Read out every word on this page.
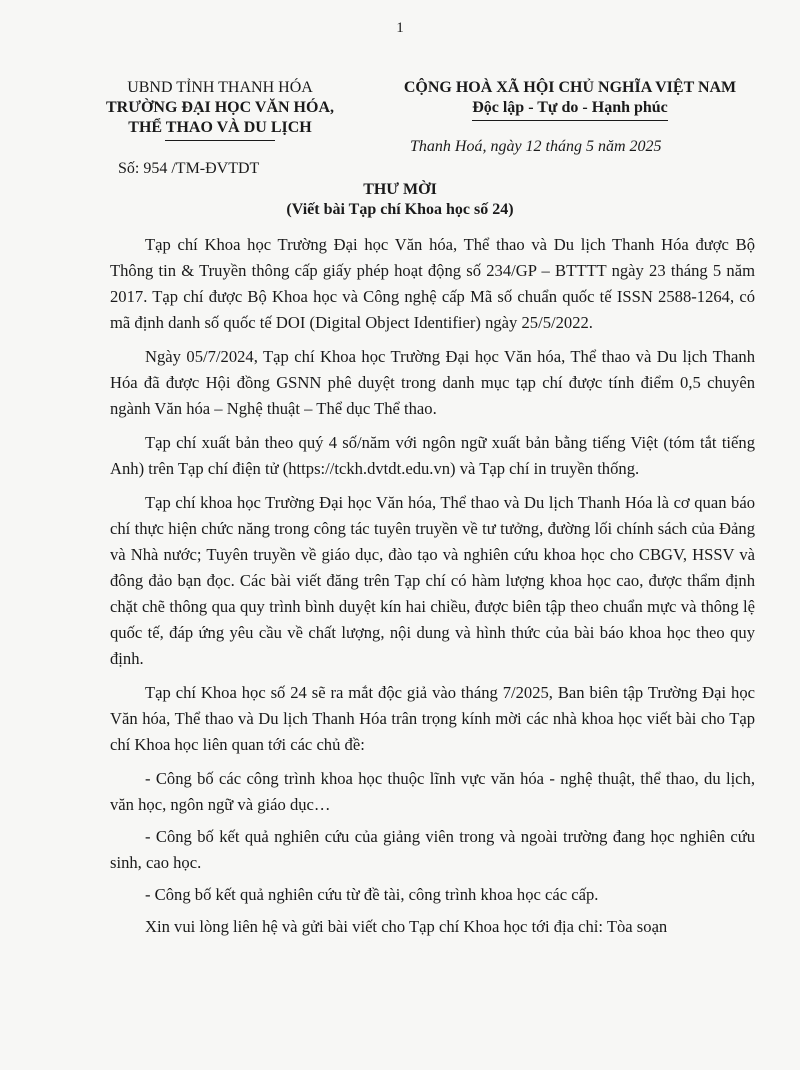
1
UBND TỈNH THANH HÓA
TRƯỜNG ĐẠI HỌC VĂN HÓA,
THỂ THAO VÀ DU LỊCH
Số: 954 /TM-ĐVTDT
CỘNG HOÀ XÃ HỘI CHỦ NGHĨA VIỆT NAM
Độc lập - Tự do - Hạnh phúc
Thanh Hoá, ngày 12 tháng 5 năm 2025
THƯ MỜI
(Viết bài Tạp chí Khoa học số 24)

Tạp chí Khoa học Trường Đại học Văn hóa, Thể thao và Du lịch Thanh Hóa được Bộ Thông tin & Truyền thông cấp giấy phép hoạt động số 234/GP – BTTTT ngày 23 tháng 5 năm 2017. Tạp chí được Bộ Khoa học và Công nghệ cấp Mã số chuẩn quốc tế ISSN 2588-1264, có mã định danh số quốc tế DOI (Digital Object Identifier) ngày 25/5/2022.

Ngày 05/7/2024, Tạp chí Khoa học Trường Đại học Văn hóa, Thể thao và Du lịch Thanh Hóa đã được Hội đồng GSNN phê duyệt trong danh mục tạp chí được tính điểm 0,5 chuyên ngành Văn hóa – Nghệ thuật – Thể dục Thể thao.

Tạp chí xuất bản theo quý 4 số/năm với ngôn ngữ xuất bản bằng tiếng Việt (tóm tắt tiếng Anh) trên Tạp chí điện tử (https://tckh.dvtdt.edu.vn) và Tạp chí in truyền thống.

Tạp chí khoa học Trường Đại học Văn hóa, Thể thao và Du lịch Thanh Hóa là cơ quan báo chí thực hiện chức năng trong công tác tuyên truyền về tư tưởng, đường lối chính sách của Đảng và Nhà nước; Tuyên truyền về giáo dục, đào tạo và nghiên cứu khoa học cho CBGV, HSSV và đông đảo bạn đọc. Các bài viết đăng trên Tạp chí có hàm lượng khoa học cao, được thẩm định chặt chẽ thông qua quy trình bình duyệt kín hai chiều, được biên tập theo chuẩn mực và thông lệ quốc tế, đáp ứng yêu cầu về chất lượng, nội dung và hình thức của bài báo khoa học theo quy định.

Tạp chí Khoa học số 24 sẽ ra mắt độc giả vào tháng 7/2025, Ban biên tập Trường Đại học Văn hóa, Thể thao và Du lịch Thanh Hóa trân trọng kính mời các nhà khoa học viết bài cho Tạp chí Khoa học liên quan tới các chủ đề:

- Công bố các công trình khoa học thuộc lĩnh vực văn hóa - nghệ thuật, thể thao, du lịch, văn học, ngôn ngữ và giáo dục…

- Công bố kết quả nghiên cứu của giảng viên trong và ngoài trường đang học nghiên cứu sinh, cao học.

- Công bố kết quả nghiên cứu từ đề tài, công trình khoa học các cấp.

Xin vui lòng liên hệ và gửi bài viết cho Tạp chí Khoa học tới địa chỉ: Tòa soạn
